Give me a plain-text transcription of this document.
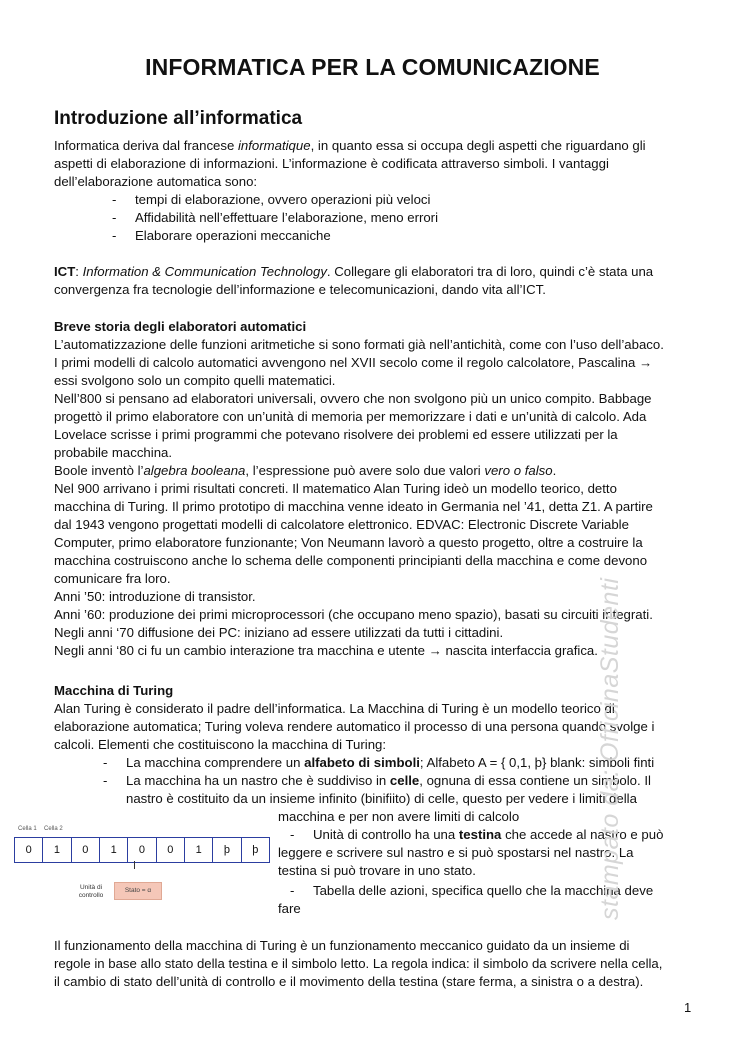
INFORMATICA PER LA COMUNICAZIONE
Introduzione all’informatica
Informatica deriva dal francese informatique, in quanto essa si occupa degli aspetti che riguardano gli
aspetti di elaborazione di informazioni. L’informazione è codificata attraverso simboli. I vantaggi
dell’elaborazione automatica sono:
- tempi di elaborazione, ovvero operazioni più veloci
- Affidabilità nell’effettuare l’elaborazione, meno errori
- Elaborare operazioni meccaniche
ICT: Information & Communication Technology. Collegare gli elaboratori tra di loro, quindi c’è stata una
convergenza fra tecnologie dell’informazione e telecomunicazioni, dando vita all’ICT.
Breve storia degli elaboratori automatici
L’automatizzazione delle funzioni aritmetiche si sono formati già nell’antichità, come con l’uso dell’abaco.
I primi modelli di calcolo automatici avvengono nel XVII secolo come il regolo calcolatore, Pascalina →
essi svolgono solo un compito quelli matematici.
Nell’800 si pensano ad elaboratori universali, ovvero che non svolgono più un unico compito. Babbage
progettò il primo elaboratore con un’unità di memoria per memorizzare i dati e un’unità di calcolo. Ada
Lovelace scrisse i primi programmi che potevano risolvere dei problemi ed essere utilizzati per la
probabile macchina.
Boole inventò l’algebra booleana, l’espressione può avere solo due valori vero o falso.
Nel 900 arrivano i primi risultati concreti. Il matematico Alan Turing ideò un modello teorico, detto
macchina di Turing. Il primo prototipo di macchina venne ideato in Germania nel ’41, detta Z1. A partire
dal 1943 vengono progettati modelli di calcolatore elettronico. EDVAC: Electronic Discrete Variable
Computer, primo elaboratore funzionante; Von Neumann lavorò a questo progetto, oltre a costruire la
macchina costruiscono anche lo schema delle componenti principianti della macchina e come devono
comunicare fra loro.
Anni ’50: introduzione di transistor.
Anni ’60: produzione dei primi microprocessori (che occupano meno spazio), basati su circuiti integrati.
Negli anni ‘70 diffusione dei PC: iniziano ad essere utilizzati da tutti i cittadini.
Negli anni ‘80 ci fu un cambio interazione tra macchina e utente → nascita interfaccia grafica.
Macchina di Turing
Alan Turing è considerato il padre dell’informatica. La Macchina di Turing è un modello teorico di
elaborazione automatica; Turing voleva rendere automatico il processo di una persona quando svolge i
calcoli. Elementi che costituiscono la macchina di Turing:
- La macchina comprendere un alfabeto di simboli; Alfabeto A = { 0,1, þ} blank: simboli finti
- La macchina ha un nastro che è suddiviso in celle, ognuna di essa contiene un simbolo. Il
nastro è costituito da un insieme infinito (binifiito) di celle, questo per vedere i limiti della
macchina e per non avere limiti di calcolo
- Unità di controllo ha una testina che accede al nastro e può
leggere e scrivere sul nastro e si può spostarsi nel nastro. La
testina si può trovare in uno stato.
- Tabella delle azioni, specifica quello che la macchina deve
fare
Cella 1 Cella 2
0	1	0	1	0	0	1	þ	þ
Unità di controllo
Stato = α
Il funzionamento della macchina di Turing è un funzionamento meccanico guidato da un insieme di
regole in base allo stato della testina e il simbolo letto. La regola indica: il simbolo da scrivere nella cella,
il cambio di stato dell’unità di controllo e il movimento della testina (stare ferma, a sinistra o a destra).
stampato da: OfficinaStudenti
1
